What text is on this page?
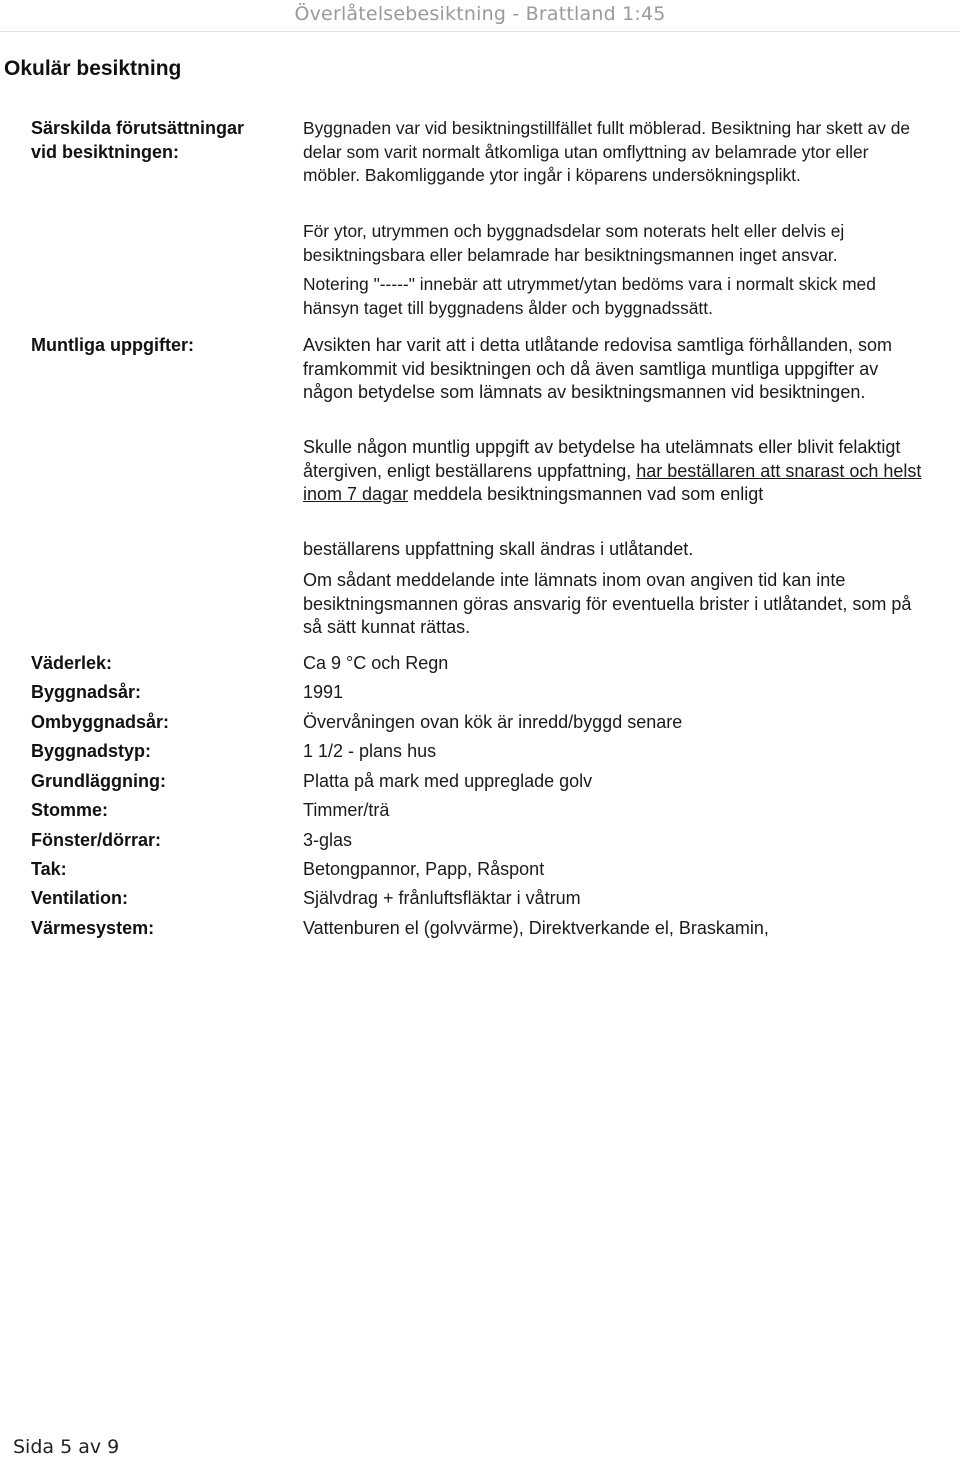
Överlåtelsebesiktning - Brattland 1:45
Okulär besiktning
Särskilda förutsättningar
vid besiktningen:

Byggnaden var vid besiktningstillfället fullt möblerad. Besiktning har skett av de delar som varit normalt åtkomliga utan omflyttning av belamrade ytor eller möbler. Bakomliggande ytor ingår i köparens undersökningsplikt.

För ytor, utrymmen och byggnadsdelar som noterats helt eller delvis ej besiktningsbara eller belamrade har besiktningsmannen inget ansvar.

Notering "-----" innebär att utrymmet/ytan bedöms vara i normalt skick med hänsyn taget till byggnadens ålder och byggnadssätt.

Muntliga uppgifter:	Avsikten har varit att i detta utlåtande redovisa samtliga förhållanden, som framkommit vid besiktningen och då även samtliga muntliga uppgifter av någon betydelse som lämnats av besiktningsmannen vid besiktningen.

Skulle någon muntlig uppgift av betydelse ha utelämnats eller blivit felaktigt återgiven, enligt beställarens uppfattning, har beställaren att snarast och helst inom 7 dagar meddela besiktningsmannen vad som enligt

beställarens uppfattning skall ändras i utlåtandet.

Om sådant meddelande inte lämnats inom ovan angiven tid kan inte besiktningsmannen göras ansvarig för eventuella brister i utlåtandet, som på så sätt kunnat rättas.

Väderlek:	Ca 9 °C och Regn
Byggnadsår:	1991
Ombyggnadsår:	Övervåningen ovan kök är inredd/byggd senare
Byggnadstyp:	1 1/2 - plans hus
Grundläggning:	Platta på mark med uppreglade golv
Stomme:	Timmer/trä
Fönster/dörrar:	3-glas
Tak:	Betongpannor, Papp, Råspont
Ventilation:	Självdrag + frånluftsfläktar i våtrum
Värmesystem:	Vattenburen el (golvvärme), Direktverkande el, Braskamin,
Sida 5 av 9
